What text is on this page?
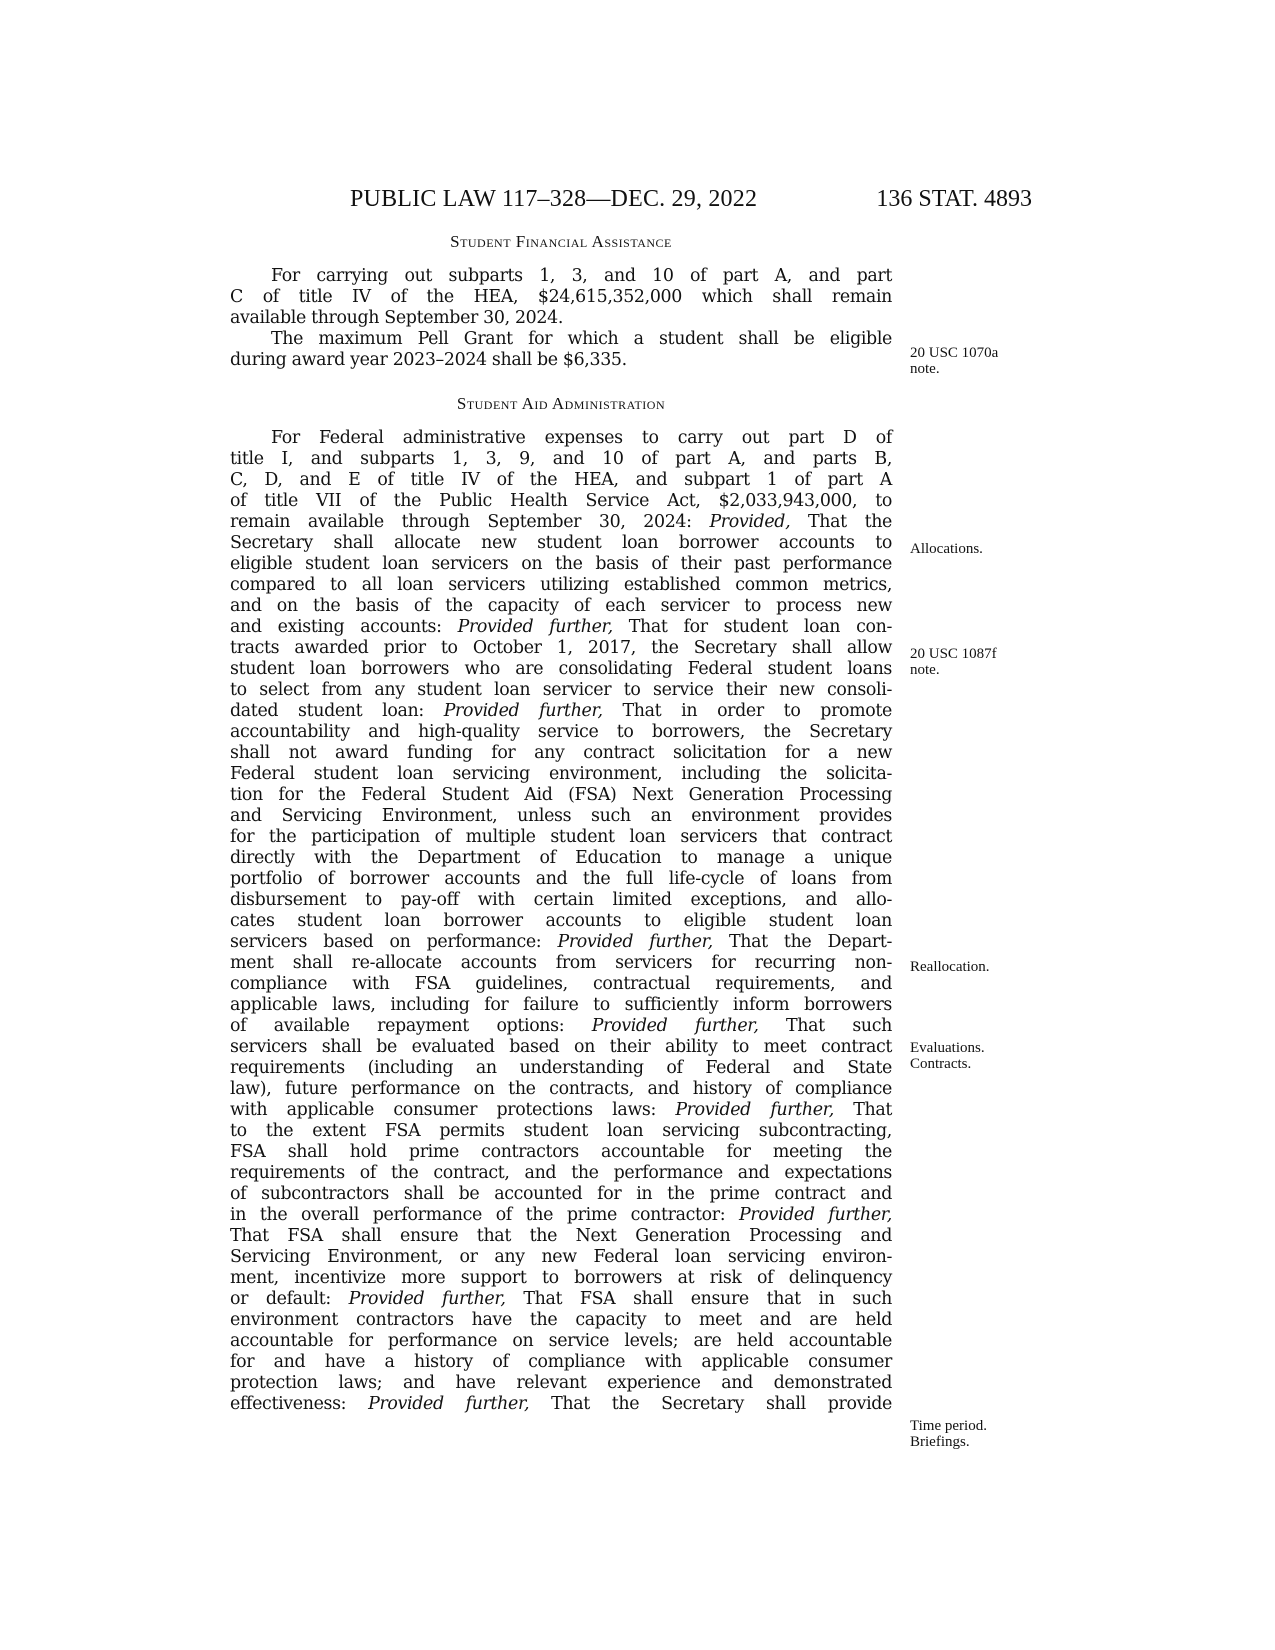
PUBLIC LAW 117–328—DEC. 29, 2022	136 STAT. 4893
Student Financial Assistance
For carrying out subparts 1, 3, and 10 of part A, and part
C of title IV of the HEA, $24,615,352,000 which shall remain
available through September 30, 2024.
The maximum Pell Grant for which a student shall be eligible
during award year 2023–2024 shall be $6,335.
Student Aid Administration
For Federal administrative expenses to carry out part D of
title I, and subparts 1, 3, 9, and 10 of part A, and parts B,
C, D, and E of title IV of the HEA, and subpart 1 of part A
of title VII of the Public Health Service Act, $2,033,943,000, to
remain available through September 30, 2024: Provided, That the
Secretary shall allocate new student loan borrower accounts to
eligible student loan servicers on the basis of their past performance
compared to all loan servicers utilizing established common metrics,
and on the basis of the capacity of each servicer to process new
and existing accounts: Provided further, That for student loan con-
tracts awarded prior to October 1, 2017, the Secretary shall allow
student loan borrowers who are consolidating Federal student loans
to select from any student loan servicer to service their new consoli-
dated student loan: Provided further, That in order to promote
accountability and high-quality service to borrowers, the Secretary
shall not award funding for any contract solicitation for a new
Federal student loan servicing environment, including the solicita-
tion for the Federal Student Aid (FSA) Next Generation Processing
and Servicing Environment, unless such an environment provides
for the participation of multiple student loan servicers that contract
directly with the Department of Education to manage a unique
portfolio of borrower accounts and the full life-cycle of loans from
disbursement to pay-off with certain limited exceptions, and allo-
cates student loan borrower accounts to eligible student loan
servicers based on performance: Provided further, That the Depart-
ment shall re-allocate accounts from servicers for recurring non-
compliance with FSA guidelines, contractual requirements, and
applicable laws, including for failure to sufficiently inform borrowers
of available repayment options: Provided further, That such
servicers shall be evaluated based on their ability to meet contract
requirements (including an understanding of Federal and State
law), future performance on the contracts, and history of compliance
with applicable consumer protections laws: Provided further, That
to the extent FSA permits student loan servicing subcontracting,
FSA shall hold prime contractors accountable for meeting the
requirements of the contract, and the performance and expectations
of subcontractors shall be accounted for in the prime contract and
in the overall performance of the prime contractor: Provided further,
That FSA shall ensure that the Next Generation Processing and
Servicing Environment, or any new Federal loan servicing environ-
ment, incentivize more support to borrowers at risk of delinquency
or default: Provided further, That FSA shall ensure that in such
environment contractors have the capacity to meet and are held
accountable for performance on service levels; are held accountable
for and have a history of compliance with applicable consumer
protection laws; and have relevant experience and demonstrated
effectiveness: Provided further, That the Secretary shall provide
20 USC 1070a
note.
Allocations.
20 USC 1087f
note.
Reallocation.
Evaluations.
Contracts.
Time period.
Briefings.
